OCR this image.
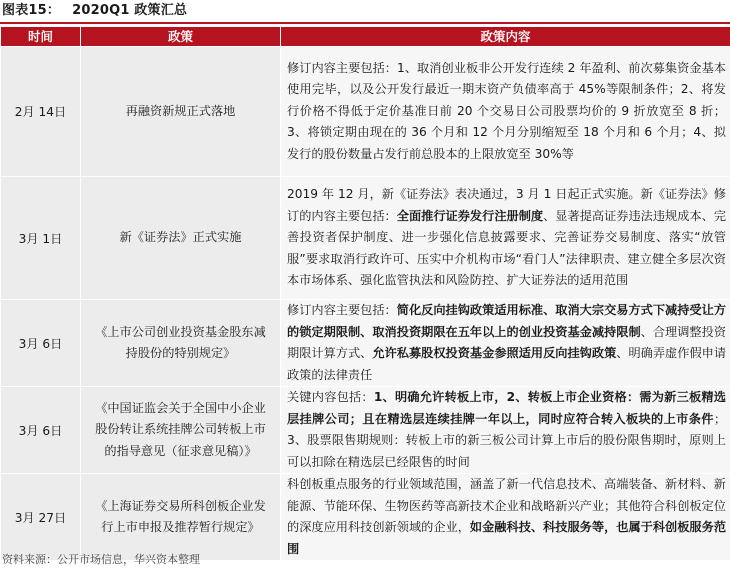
图表15： 2020Q1 政策汇总
时间	政策	政策内容
2月 14日	再融资新规正式落地	修订内容主要包括：1、取消创业板非公开发行连续 2 年盈利、前次募集资金基本使用完毕，以及公开发行最近一期末资产负债率高于 45%等限制条件；2、将发行价格不得低于定价基准日前 20 个交易日公司股票均价的 9 折放宽至 8 折；3、将锁定期由现在的 36 个月和 12 个月分别缩短至 18 个月和 6 个月；4、拟发行的股份数量占发行前总股本的上限放宽至 30%等
3月 1日	新《证券法》正式实施	2019 年 12 月，新《证券法》表决通过，3 月 1 日起正式实施。新《证券法》修订的内容主要包括：全面推行证券发行注册制度、显著提高证券违法违规成本、完善投资者保护制度、进一步强化信息披露要求、完善证券交易制度、落实“放管服”要求取消行政许可、压实中介机构市场“看门人”法律职责、建立健全多层次资本市场体系、强化监管执法和风险防控、扩大证券法的适用范围
3月 6日	《上市公司创业投资基金股东减持股份的特别规定》	修订内容主要包括：简化反向挂钩政策适用标准、取消大宗交易方式下减持受让方的锁定期限制、取消投资期限在五年以上的创业投资基金减持限制、合理调整投资期限计算方式、允许私募股权投资基金参照适用反向挂钩政策、明确弄虚作假申请政策的法律责任
3月 6日	《中国证监会关于全国中小企业股份转让系统挂牌公司转板上市的指导意见（征求意见稿）》	关键内容包括：1、明确允许转板上市，2、转板上市企业资格：需为新三板精选层挂牌公司；且在精选层连续挂牌一年以上，同时应符合转入板块的上市条件；3、股票限售期规则：转板上市的新三板公司计算上市后的股份限售期时，原则上可以扣除在精选层已经限售的时间
3月 27日	《上海证券交易所科创板企业发行上市申报及推荐暂行规定》	科创板重点服务的行业领域范围，涵盖了新一代信息技术、高端装备、新材料、新能源、节能环保、生物医药等高新技术企业和战略新兴产业；其他符合科创板定位的深度应用科技创新领域的企业，如金融科技、科技服务等，也属于科创板服务范围
资料来源：公开市场信息，华兴资本整理
